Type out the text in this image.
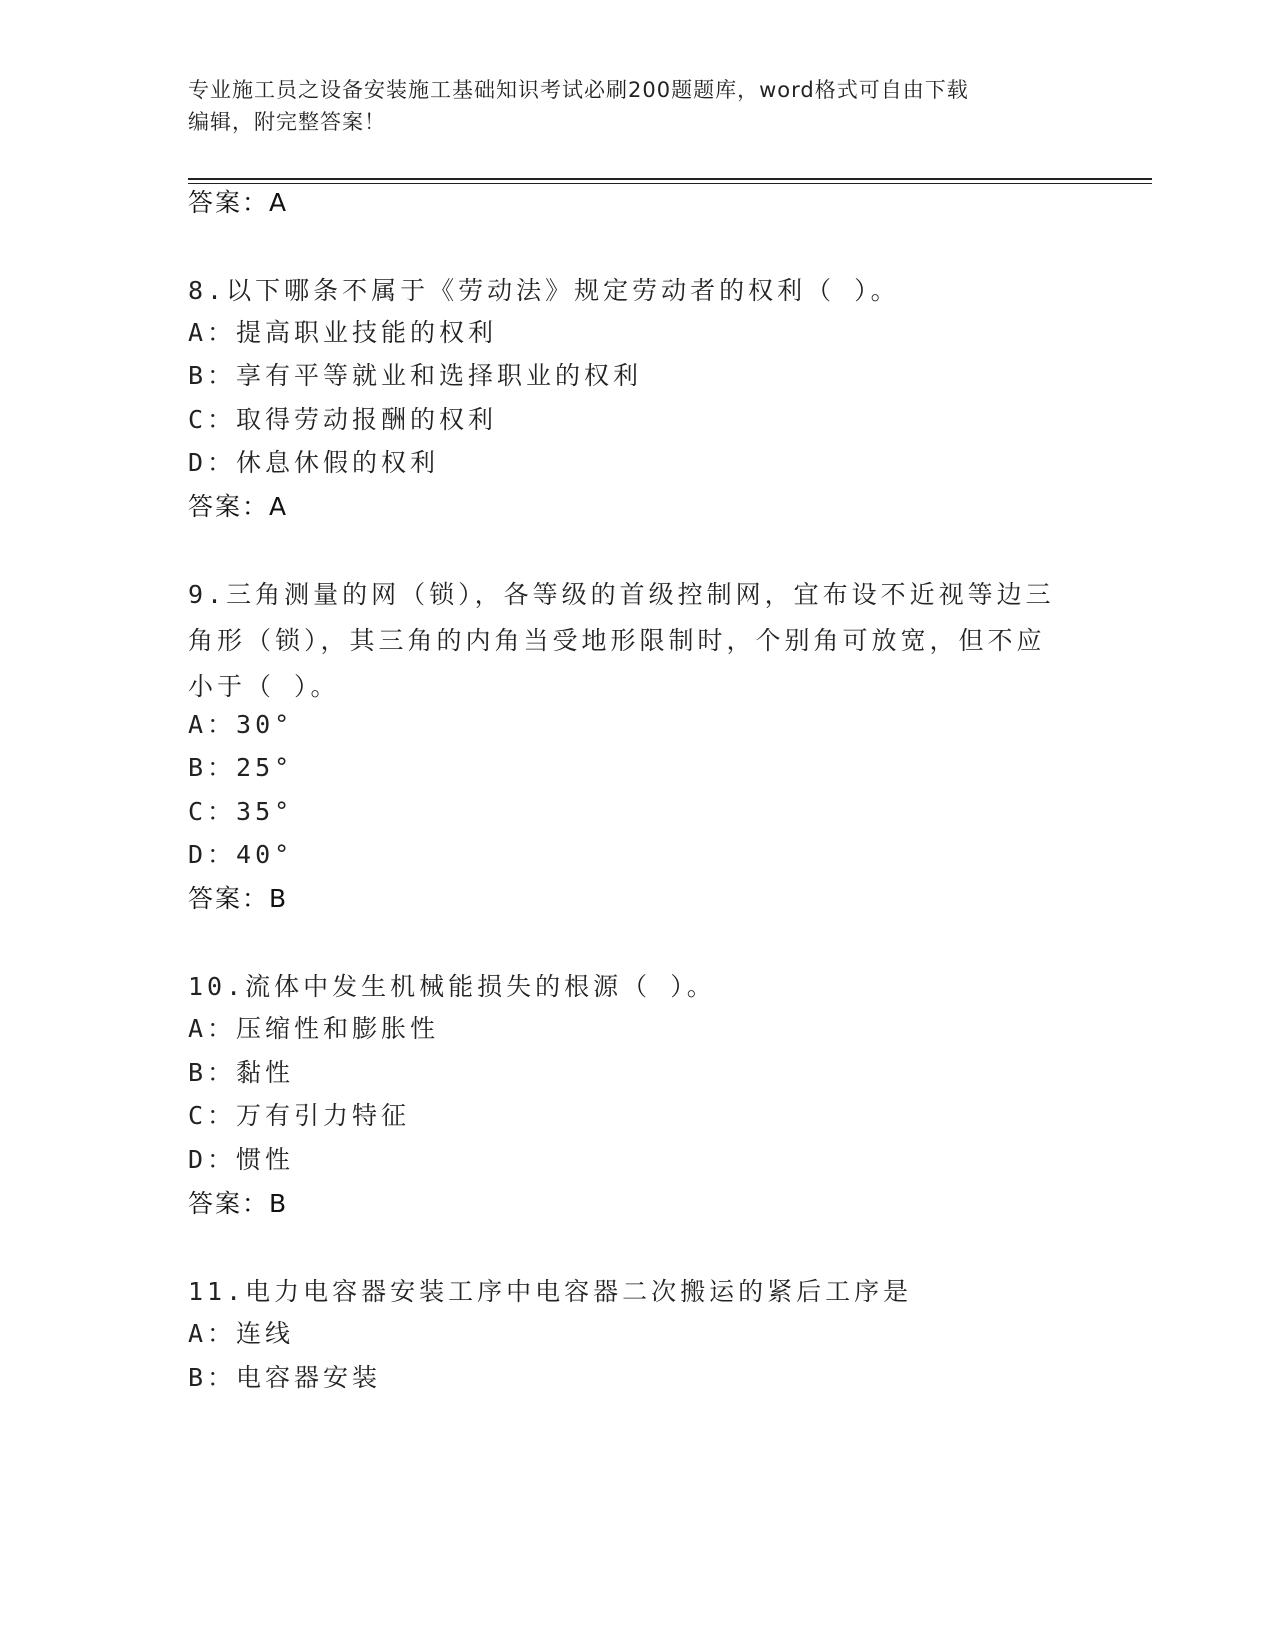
专业施工员之设备安装施工基础知识考试必刷200题题库，word格式可自由下载
编辑，附完整答案！
答案：A
8.以下哪条不属于《劳动法》规定劳动者的权利（ ）。
A：提高职业技能的权利
B：享有平等就业和选择职业的权利
C：取得劳动报酬的权利
D：休息休假的权利
答案：A
9.三角测量的网（锁），各等级的首级控制网，宜布设不近视等边三
角形（锁），其三角的内角当受地形限制时，个别角可放宽，但不应
小于（ ）。
A：30°
B：25°
C：35°
D：40°
答案：B
10.流体中发生机械能损失的根源（ ）。
A：压缩性和膨胀性
B：黏性
C：万有引力特征
D：惯性
答案：B
11.电力电容器安装工序中电容器二次搬运的紧后工序是
A：连线
B：电容器安装
